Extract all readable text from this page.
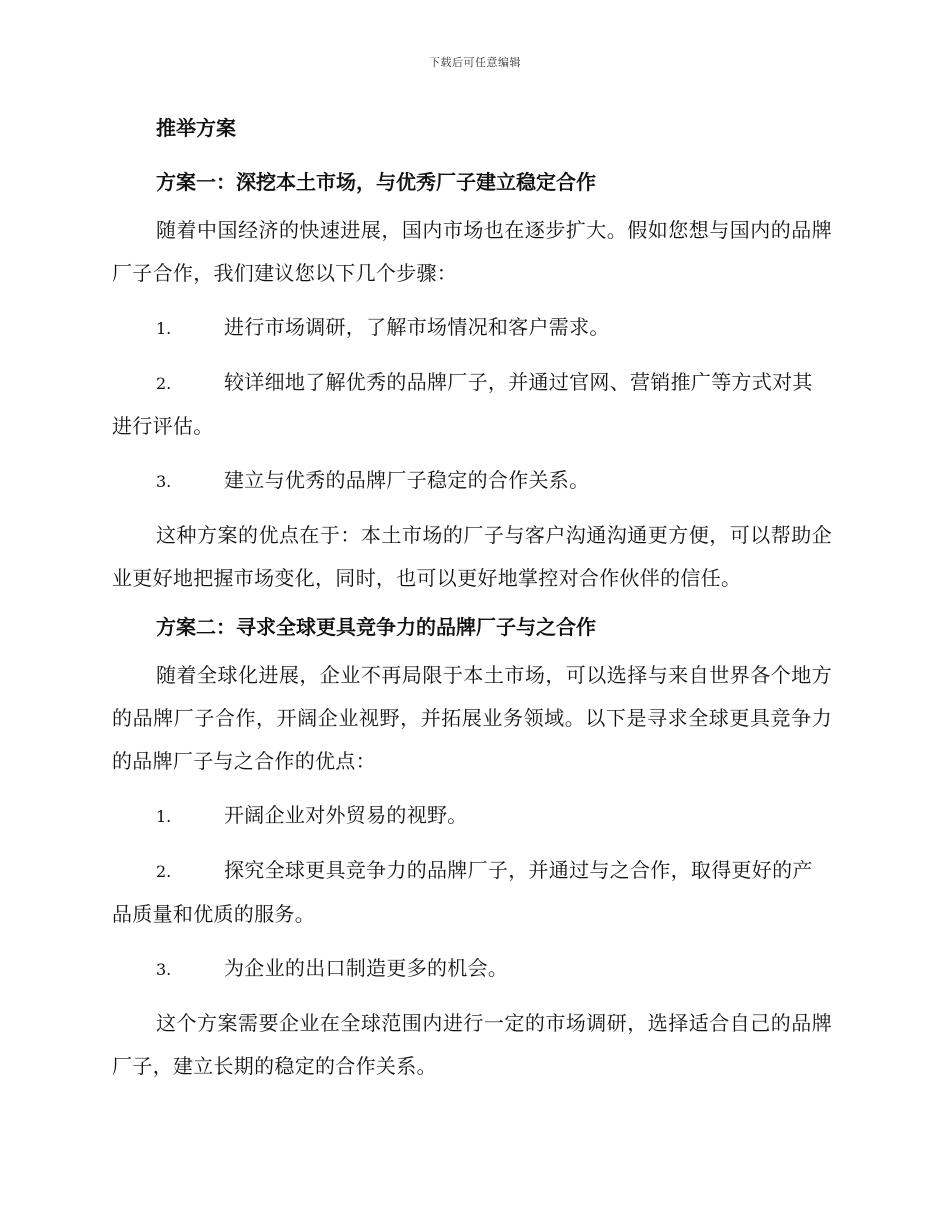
下载后可任意编辑
推举方案
方案一：深挖本土市场，与优秀厂子建立稳定合作

随着中国经济的快速进展，国内市场也在逐步扩大。假如您想与国内的品牌厂子合作，我们建议您以下几个步骤：

1.	进行市场调研，了解市场情况和客户需求。

2.	较详细地了解优秀的品牌厂子，并通过官网、营销推广等方式对其进行评估。

3.	建立与优秀的品牌厂子稳定的合作关系。

这种方案的优点在于：本土市场的厂子与客户沟通沟通更方便，可以帮助企业更好地把握市场变化，同时，也可以更好地掌控对合作伙伴的信任。

方案二：寻求全球更具竞争力的品牌厂子与之合作

随着全球化进展，企业不再局限于本土市场，可以选择与来自世界各个地方的品牌厂子合作，开阔企业视野，并拓展业务领域。以下是寻求全球更具竞争力的品牌厂子与之合作的优点：

1.	开阔企业对外贸易的视野。

2.	探究全球更具竞争力的品牌厂子，并通过与之合作，取得更好的产品质量和优质的服务。

3.	为企业的出口制造更多的机会。

这个方案需要企业在全球范围内进行一定的市场调研，选择适合自己的品牌厂子，建立长期的稳定的合作关系。
